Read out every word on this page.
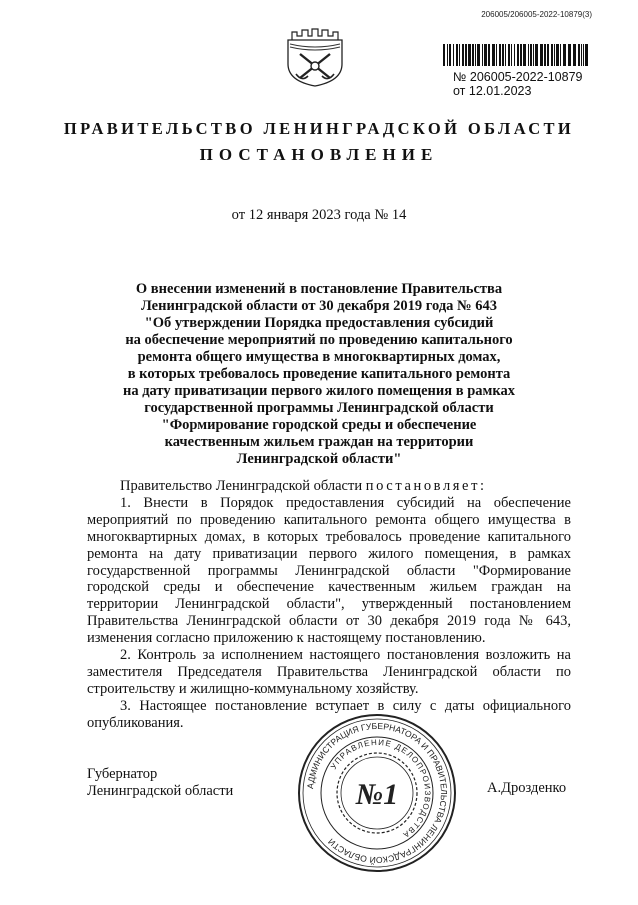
206005/206005-2022-10879(3)
№ 206005-2022-10879
от 12.01.2023
ПРАВИТЕЛЬСТВО ЛЕНИНГРАДСКОЙ ОБЛАСТИ
ПОСТАНОВЛЕНИЕ
от 12 января 2023 года № 14
О внесении изменений в постановление Правительства
Ленинградской области от 30 декабря 2019 года № 643
"Об утверждении Порядка предоставления субсидий
на обеспечение мероприятий по проведению капитального
ремонта общего имущества в многоквартирных домах,
в которых требовалось проведение капитального ремонта
на дату приватизации первого жилого помещения в рамках
государственной программы Ленинградской области
"Формирование городской среды и обеспечение
качественным жильем граждан на территории
Ленинградской области"

Правительство Ленинградской области постановляет:

1. Внести в Порядок предоставления субсидий на обеспечение мероприятий по проведению капитального ремонта общего имущества в многоквартирных домах, в которых требовалось проведение капитального ремонта на дату приватизации первого жилого помещения, в рамках государственной программы Ленинградской области "Формирование городской среды и обеспечение качественным жильем граждан на территории Ленинградской области", утвержденный постановлением Правительства Ленинградской области от 30 декабря 2019 года № 643, изменения согласно приложению к настоящему постановлению.

2. Контроль за исполнением настоящего постановления возложить на заместителя Председателя Правительства Ленинградской области по строительству и жилищно-коммунальному хозяйству.

3. Настоящее постановление вступает в силу с даты официального опубликования.

Губернатор
Ленинградской области	А.Дрозденко
АДМИНИСТРАЦИЯ ГУБЕРНАТОРА И ПРАВИТЕЛЬСТВА ЛЕНИНГРАДСКОЙ ОБЛАСТИ
УПРАВЛЕНИЕ ДЕЛОПРОИЗВОДСТВА
№1
